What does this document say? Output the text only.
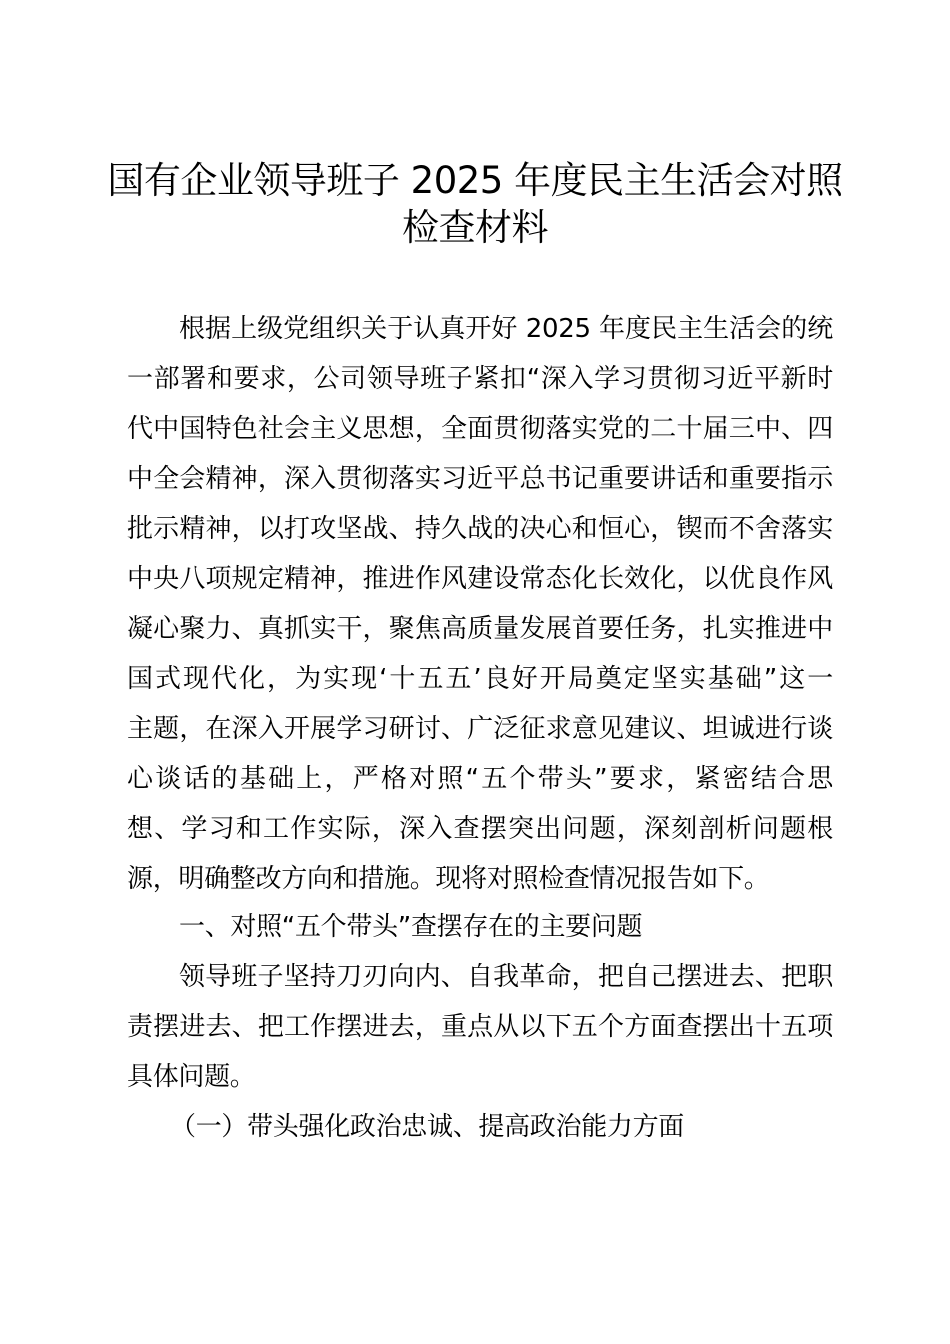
国有企业领导班子 2025 年度民主生活会对照
检查材料
根据上级党组织关于认真开好 2025 年度民主生活会的统
一部署和要求，公司领导班子紧扣“深入学习贯彻习近平新时
代中国特色社会主义思想，全面贯彻落实党的二十届三中、四
中全会精神，深入贯彻落实习近平总书记重要讲话和重要指示
批示精神，以打攻坚战、持久战的决心和恒心，锲而不舍落实
中央八项规定精神，推进作风建设常态化长效化，以优良作风
凝心聚力、真抓实干，聚焦高质量发展首要任务，扎实推进中
国式现代化，为实现‘十五五’良好开局奠定坚实基础”这一
主题，在深入开展学习研讨、广泛征求意见建议、坦诚进行谈
心谈话的基础上，严格对照“五个带头”要求，紧密结合思
想、学习和工作实际，深入查摆突出问题，深刻剖析问题根
源，明确整改方向和措施。现将对照检查情况报告如下。
一、对照“五个带头”查摆存在的主要问题
领导班子坚持刀刃向内、自我革命，把自己摆进去、把职
责摆进去、把工作摆进去，重点从以下五个方面查摆出十五项
具体问题。
（一）带头强化政治忠诚、提高政治能力方面
